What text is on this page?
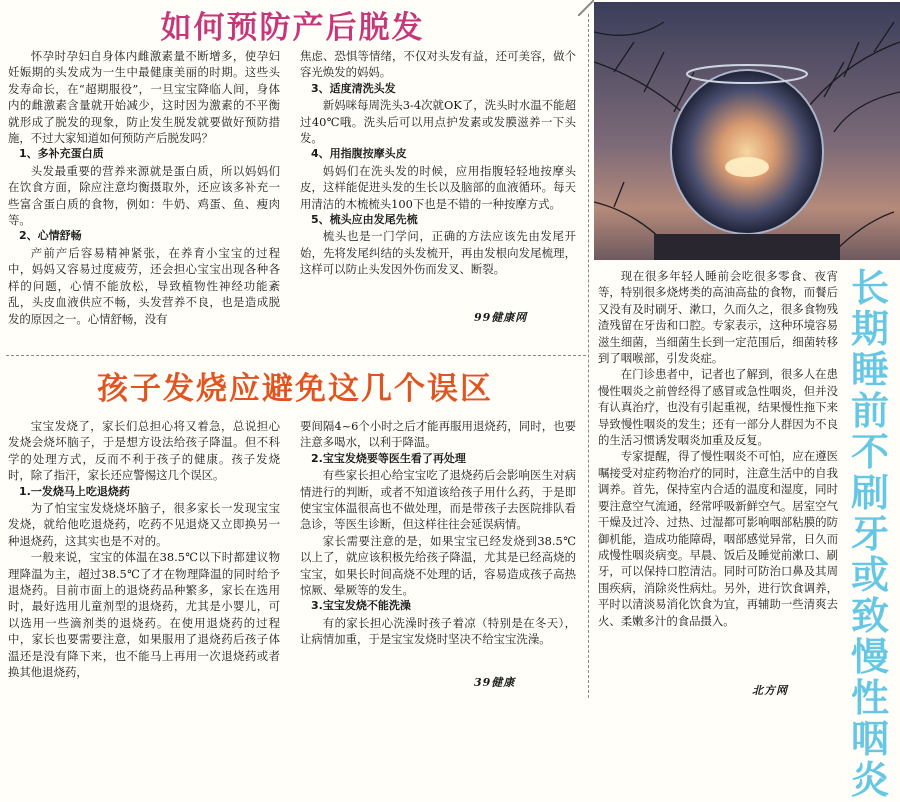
如何预防产后脱发

怀孕时孕妇自身体内雌激素量不断增多，使孕妇妊娠期的头发成为一生中最健康美丽的时期。这些头发寿命长，在“超期服役”，一旦宝宝降临人间，身体内的雌激素含量就开始减少，这时因为激素的不平衡就形成了脱发的现象，防止发生脱发就要做好预防措施，不过大家知道如何预防产后脱发吗？

1、多补充蛋白质

头发最重要的营养来源就是蛋白质，所以妈妈们在饮食方面，除应注意均衡摄取外，还应该多补充一些富含蛋白质的食物，例如：牛奶、鸡蛋、鱼、瘦肉等。

2、心情舒畅

产前产后容易精神紧张，在养育小宝宝的过程中，妈妈又容易过度疲劳，还会担心宝宝出现各种各样的问题，心情不能放松，导致植物性神经功能紊乱，头皮血液供应不畅，头发营养不良，也是造成脱发的原因之一。心情舒畅，没有

焦虑、恐惧等情绪，不仅对头发有益，还可美容，做个容光焕发的妈妈。

3、适度清洗头发

新妈咪每周洗头3-4次就OK了，洗头时水温不能超过40℃哦。洗头后可以用点护发素或发膜滋养一下头发。

4、用指腹按摩头皮

妈妈们在洗头发的时候，应用指腹轻轻地按摩头皮，这样能促进头发的生长以及脑部的血液循环。每天用清洁的木梳梳头100下也是不错的一种按摩方式。

5、梳头应由发尾先梳

梳头也是一门学问，正确的方法应该先由发尾开始，先将发尾纠结的头发梳开，再由发根向发尾梳理，这样可以防止头发因外伤而发叉、断裂。

99健康网
孩子发烧应避免这几个误区

宝宝发烧了，家长们总担心将又着急，总说担心发烧会烧坏脑子，于是想方设法给孩子降温。但不科学的处理方式，反而不利于孩子的健康。孩子发烧时，除了指汗，家长还应警惕这几个误区。

1.一发烧马上吃退烧药

为了怕宝宝发烧烧坏脑子，很多家长一发现宝宝发烧，就给他吃退烧药，吃药不见退烧又立即换另一种退烧药，这其实也是不对的。

一般来说，宝宝的体温在38.5℃以下时都建议物理降温为主，超过38.5℃了才在物理降温的同时给予退烧药。目前市面上的退烧药品种繁多，家长在选用时，最好选用儿童剂型的退烧药，尤其是小婴儿，可以选用一些滴剂类的退烧药。在使用退烧药的过程中，家长也要需要注意，如果服用了退烧药后孩子体温还是没有降下来，也不能马上再用一次退烧药或者换其他退烧药，

要间隔4~6个小时之后才能再服用退烧药，同时，也要注意多喝水，以利于降温。

2.宝宝发烧要等医生看了再处理

有些家长担心给宝宝吃了退烧药后会影响医生对病情进行的判断，或者不知道该给孩子用什么药，于是即使宝宝体温很高也不做处理，而是带孩子去医院排队看急诊，等医生诊断，但这样往往会延误病情。

家长需要注意的是，如果宝宝已经发烧到38.5℃以上了，就应该积极先给孩子降温，尤其是已经高烧的宝宝，如果长时间高烧不处理的话，容易造成孩子高热惊厥、晕厥等的发生。

3.宝宝发烧不能洗澡

有的家长担心洗澡时孩子着凉（特别是在冬天），让病情加重，于是宝宝发烧时坚决不给宝宝洗澡。

39健康

现在很多年轻人睡前会吃很多零食、夜宵等，特别很多烧烤类的高油高盐的食物，而餐后又没有及时刷牙、漱口，久而久之，很多食物残渣残留在牙齿和口腔。专家表示，这种环境容易滋生细菌，当细菌生长到一定范围后，细菌转移到了咽喉部，引发炎症。

在门诊患者中，记者也了解到，很多人在患慢性咽炎之前曾经得了感冒或急性咽炎，但并没有认真治疗，也没有引起重视，结果慢性拖下来导致慢性咽炎的发生；还有一部分人群因为不良的生活习惯诱发咽炎加重及反复。

专家提醒，得了慢性咽炎不可怕，应在遵医嘱接受对症药物治疗的同时，注意生活中的自我调养。首先，保持室内合适的温度和湿度，同时要注意空气流通，经常呼吸新鲜空气。居室空气干燥及过冷、过热、过湿都可影响咽部粘膜的防御机能，造成功能障碍，咽部感觉异常，日久而成慢性咽炎病变。早晨、饭后及睡觉前漱口、刷牙，可以保持口腔清洁。同时可防治口鼻及其周围疾病，消除炎性病灶。另外，进行饮食调养，平时以清淡易消化饮食为宜，再辅助一些清爽去火、柔嫩多汁的食品摄入。

长期睡前不刷牙或致慢性咽炎
北方网
